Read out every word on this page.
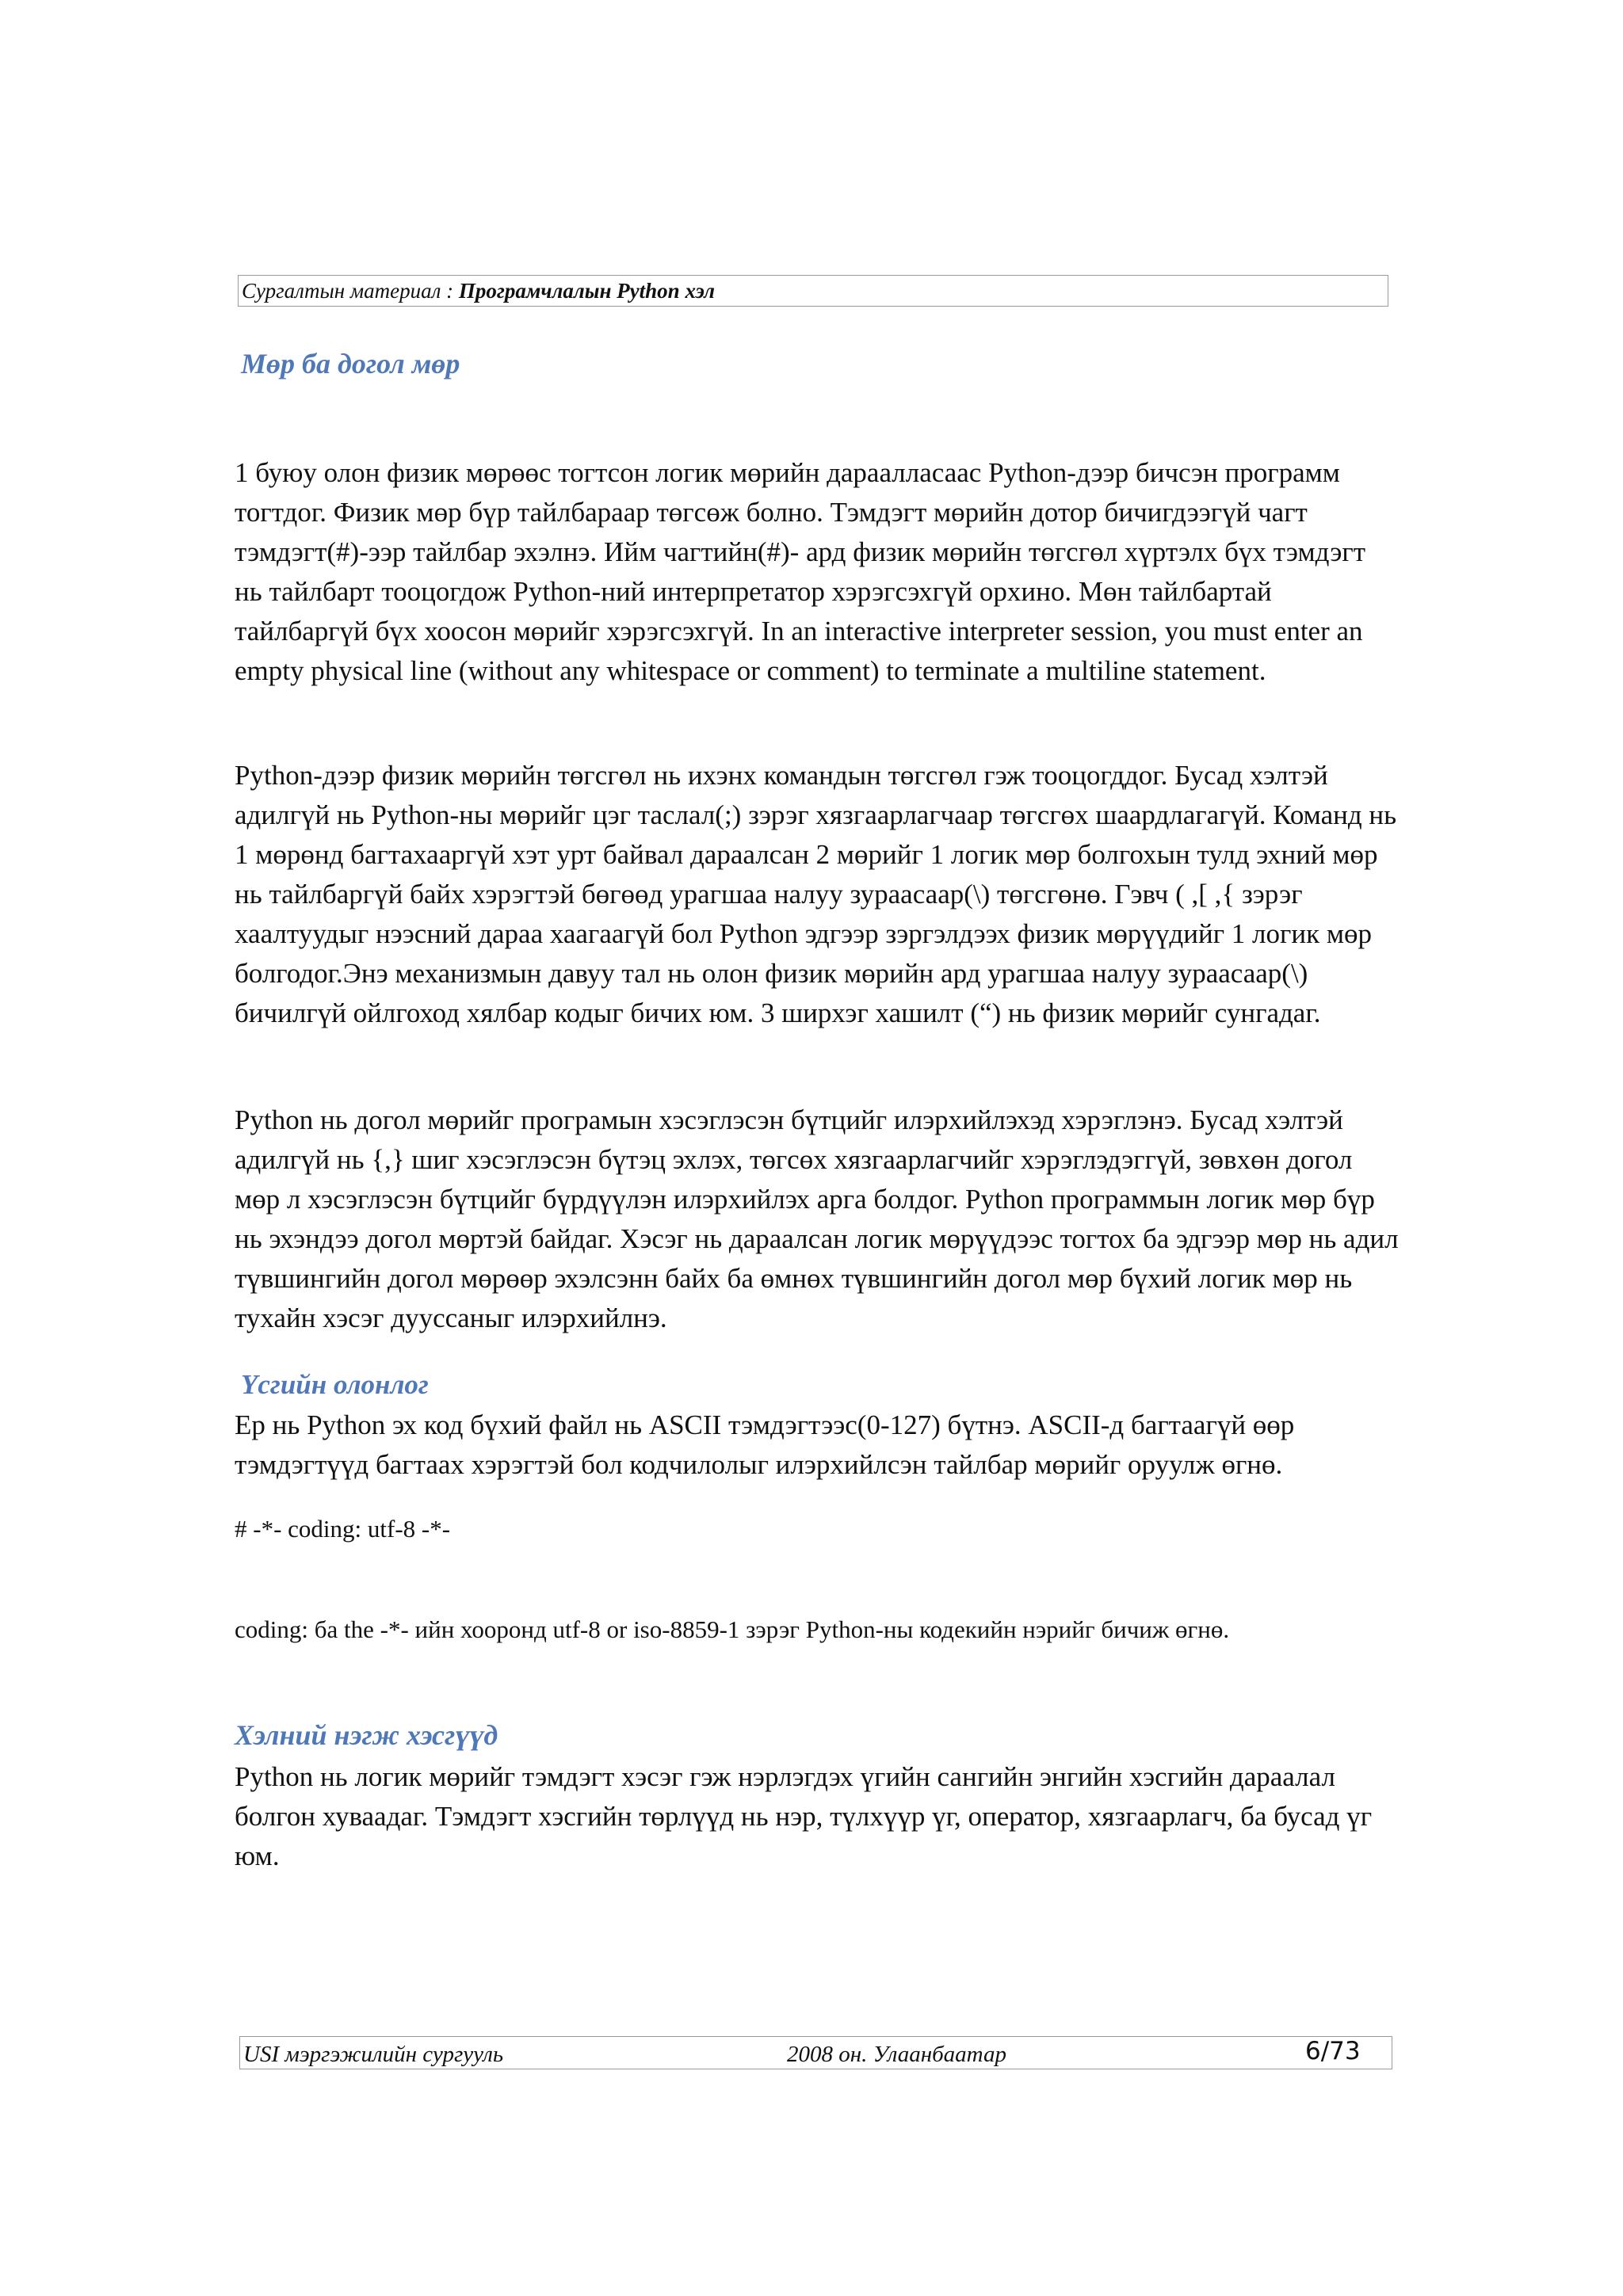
Сургалтын материал : Програмчлалын Python хэл
Мөр ба догол мөр

1 буюу олон физик мөрөөс тогтсон логик мөрийн дараалласаас Python-дээр бичсэн программ тогтдог. Физик мөр бүр тайлбараар төгсөж болно. Тэмдэгт мөрийн дотор бичигдээгүй чагт тэмдэгт(#)-ээр тайлбар эхэлнэ. Ийм чагтийн(#)- ард физик мөрийн төгсгөл хүртэлх бүх тэмдэгт нь тайлбарт тооцогдож Python-ний интерпретатор хэрэгсэхгүй орхино. Мөн тайлбартай тайлбаргүй бүх хоосон мөрийг хэрэгсэхгүй. In an interactive interpreter session, you must enter an empty physical line (without any whitespace or comment) to terminate a multiline statement.

Python-дээр физик мөрийн төгсгөл нь ихэнх командын төгсгөл гэж тооцогддог. Бусад хэлтэй адилгүй нь Python-ны мөрийг цэг таслал(;) зэрэг хязгаарлагчаар төгсгөх шаардлагагүй. Команд нь 1 мөрөнд багтахааргүй хэт урт байвал дараалсан 2 мөрийг 1 логик мөр болгохын тулд эхний мөр нь тайлбаргүй байх хэрэгтэй бөгөөд урагшаа налуу зураасаар(\) төгсгөнө. Гэвч ( ,[ ,{ зэрэг хаалтуудыг нээсний дараа хаагаагүй бол Python эдгээр зэргэлдээх физик мөрүүдийг 1 логик мөр болгодог.Энэ механизмын давуу тал нь олон физик мөрийн ард урагшаа налуу зураасаар(\) бичилгүй ойлгоход хялбар кодыг бичих юм. 3 ширхэг хашилт (“) нь физик мөрийг сунгадаг.

Python нь догол мөрийг програмын хэсэглэсэн бүтцийг илэрхийлэхэд хэрэглэнэ. Бусад хэлтэй адилгүй нь {,} шиг хэсэглэсэн бүтэц эхлэх, төгсөх хязгаарлагчийг хэрэглэдэггүй, зөвхөн догол мөр л хэсэглэсэн бүтцийг бүрдүүлэн илэрхийлэх арга болдог. Python программын логик мөр бүр нь эхэндээ догол мөртэй байдаг. Хэсэг нь дараалсан логик мөрүүдээс тогтох ба эдгээр мөр нь адил түвшингийн догол мөрөөр эхэлсэнн байх ба өмнөх түвшингийн догол мөр бүхий логик мөр нь тухайн хэсэг дуусcаныг илэрхийлнэ.

Үсгийн олонлог

Ер нь Python эх код бүхий файл нь ASCII тэмдэгтээс(0-127) бүтнэ. ASCII-д багтаагүй өөр тэмдэгтүүд багтаах хэрэгтэй бол кодчилолыг илэрхийлсэн тайлбар мөрийг оруулж өгнө.

# -*- coding: utf-8 -*-

coding: ба the -*- ийн хооронд utf-8 or iso-8859-1 зэрэг Python-ны кодекийн нэрийг бичиж өгнө.

Хэлний нэгж хэсгүүд

Python нь логик мөрийг тэмдэгт хэсэг гэж нэрлэгдэх үгийн сангийн энгийн хэсгийн дараалал болгон хуваадаг. Тэмдэгт хэсгийн төрлүүд нь нэр, түлхүүр үг, оператор, хязгаарлагч, ба бусад үг юм.

USI мэргэжилийн сургууль	2008 он. Улаанбаатар	6/73
